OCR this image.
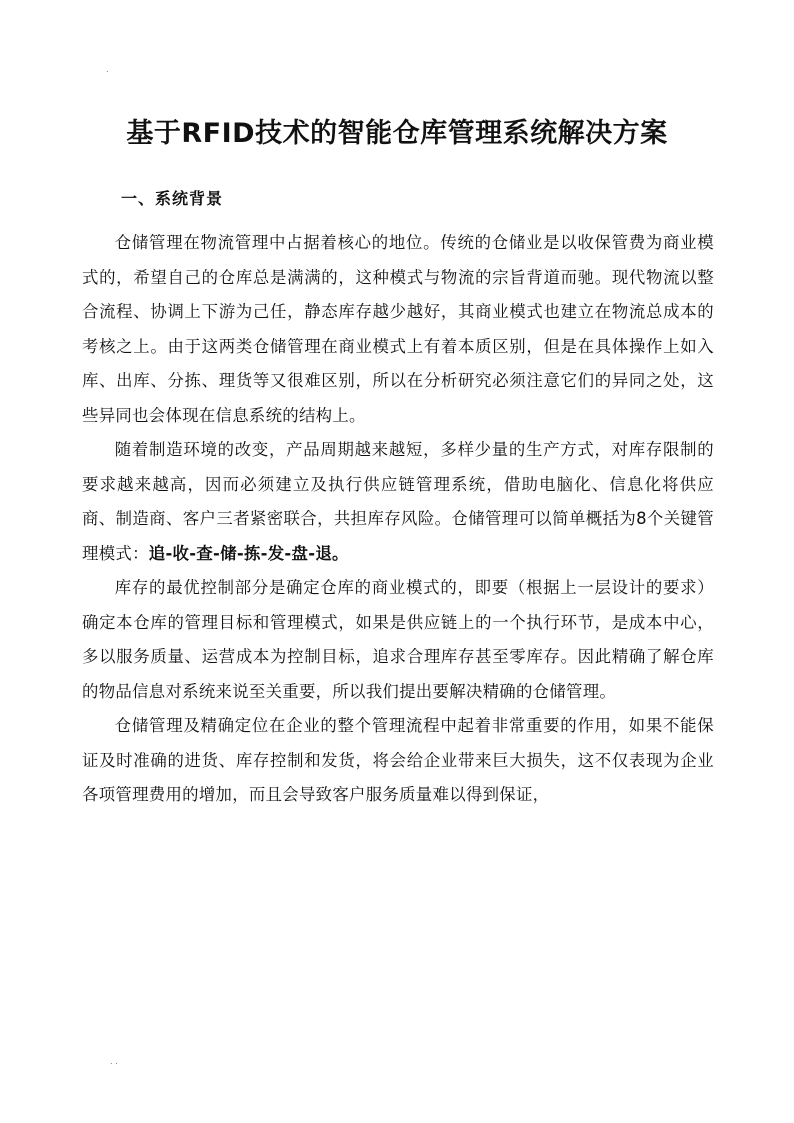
.
基于RFID技术的智能仓库管理系统解决方案
一、系统背景

仓储管理在物流管理中占据着核心的地位。传统的仓储业是以收保管费为商业模式的，希望自己的仓库总是满满的，这种模式与物流的宗旨背道而驰。现代物流以整合流程、协调上下游为己任，静态库存越少越好，其商业模式也建立在物流总成本的考核之上。由于这两类仓储管理在商业模式上有着本质区别，但是在具体操作上如入库、出库、分拣、理货等又很难区别，所以在分析研究必须注意它们的异同之处，这些异同也会体现在信息系统的结构上。

随着制造环境的改变，产品周期越来越短，多样少量的生产方式，对库存限制的要求越来越高，因而必须建立及执行供应链管理系统，借助电脑化、信息化将供应商、制造商、客户三者紧密联合，共担库存风险。仓储管理可以简单概括为8个关键管理模式：追-收-查-储-拣-发-盘-退。

库存的最优控制部分是确定仓库的商业模式的，即要（根据上一层设计的要求）确定本仓库的管理目标和管理模式，如果是供应链上的一个执行环节，是成本中心，多以服务质量、运营成本为控制目标，追求合理库存甚至零库存。因此精确了解仓库的物品信息对系统来说至关重要，所以我们提出要解决精确的仓储管理。

仓储管理及精确定位在企业的整个管理流程中起着非常重要的作用，如果不能保证及时准确的进货、库存控制和发货，将会给企业带来巨大损失，这不仅表现为企业各项管理费用的增加，而且会导致客户服务质量难以得到保证，

. .
